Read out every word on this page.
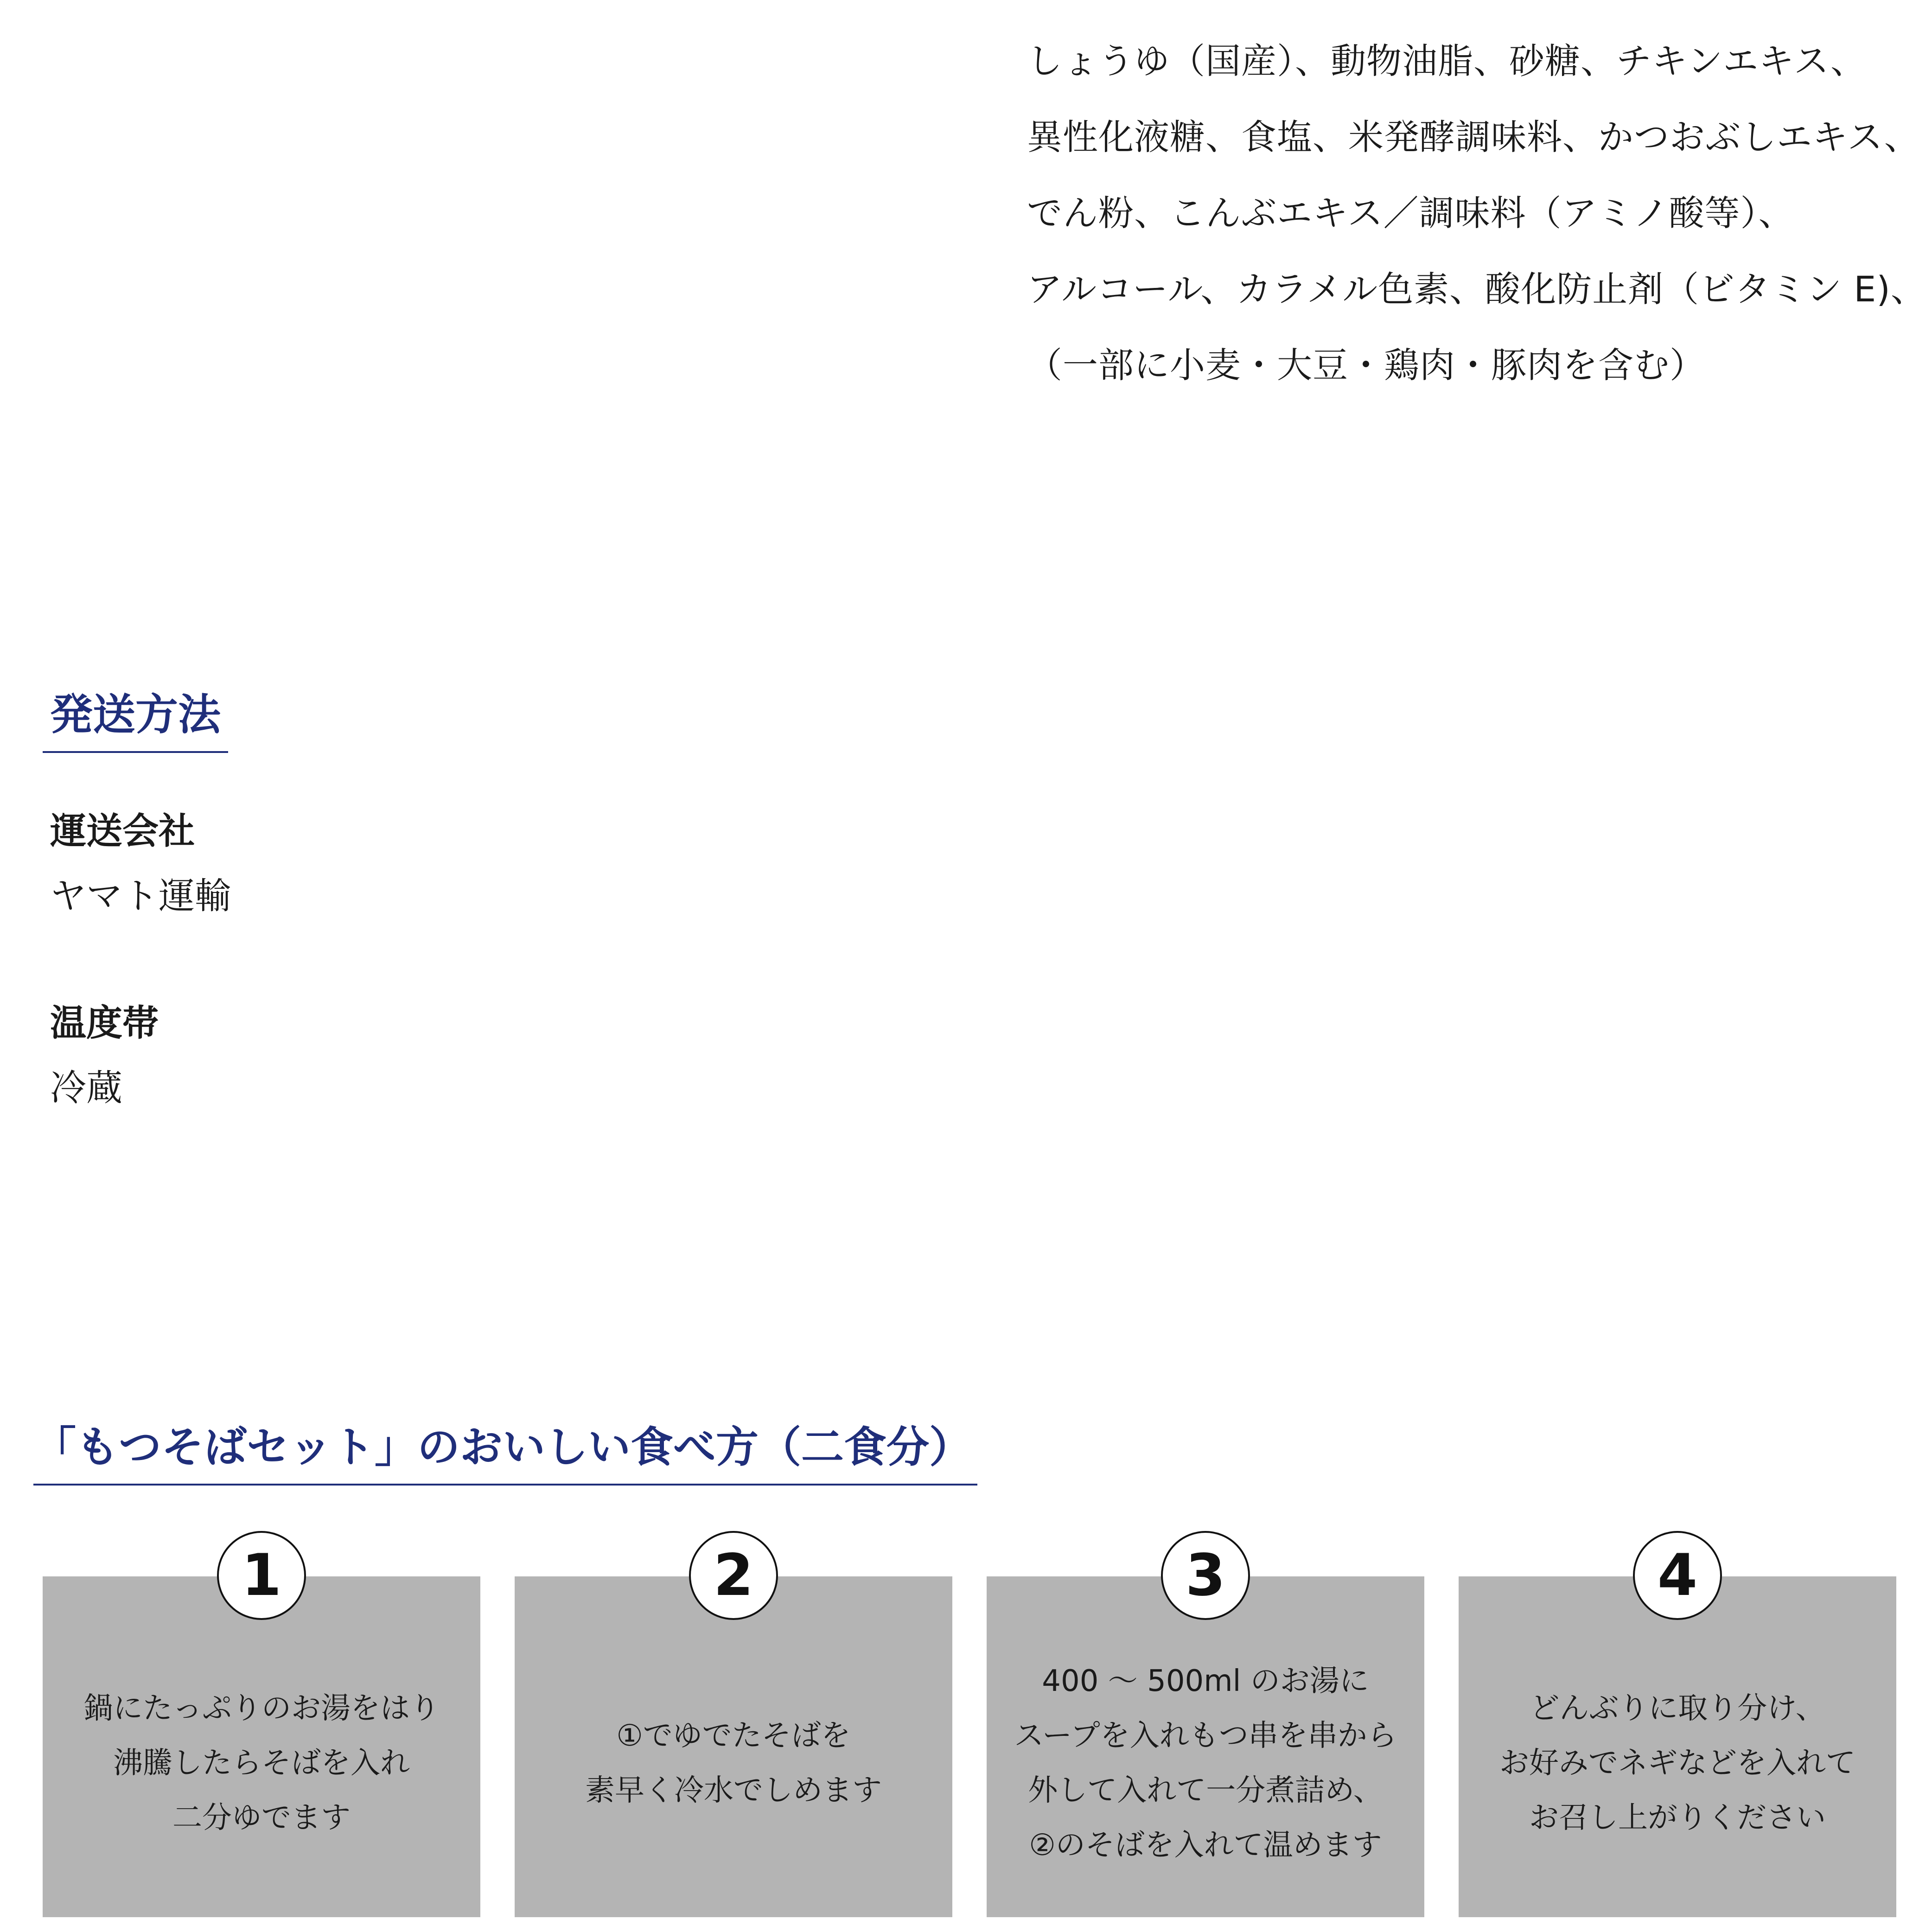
しょうゆ（国産）、動物油脂、砂糖、チキンエキス、
異性化液糖、食塩、米発酵調味料、かつおぶしエキス、
でん粉、こんぶエキス／調味料（アミノ酸等）、
アルコール、カラメル色素、酸化防止剤（ビタミン E)、
（一部に小麦・大豆・鶏肉・豚肉を含む）
発送方法
運送会社
ヤマト運輸
温度帯
冷蔵
「もつそばセット」のおいしい食べ方（二食分）
1
鍋にたっぷりのお湯をはり
沸騰したらそばを入れ
二分ゆでます
2
①でゆでたそばを
素早く冷水でしめます
3
400 〜 500ml のお湯に
スープを入れもつ串を串から
外して入れて一分煮詰め、
②のそばを入れて温めます
4
どんぶりに取り分け、
お好みでネギなどを入れて
お召し上がりください
